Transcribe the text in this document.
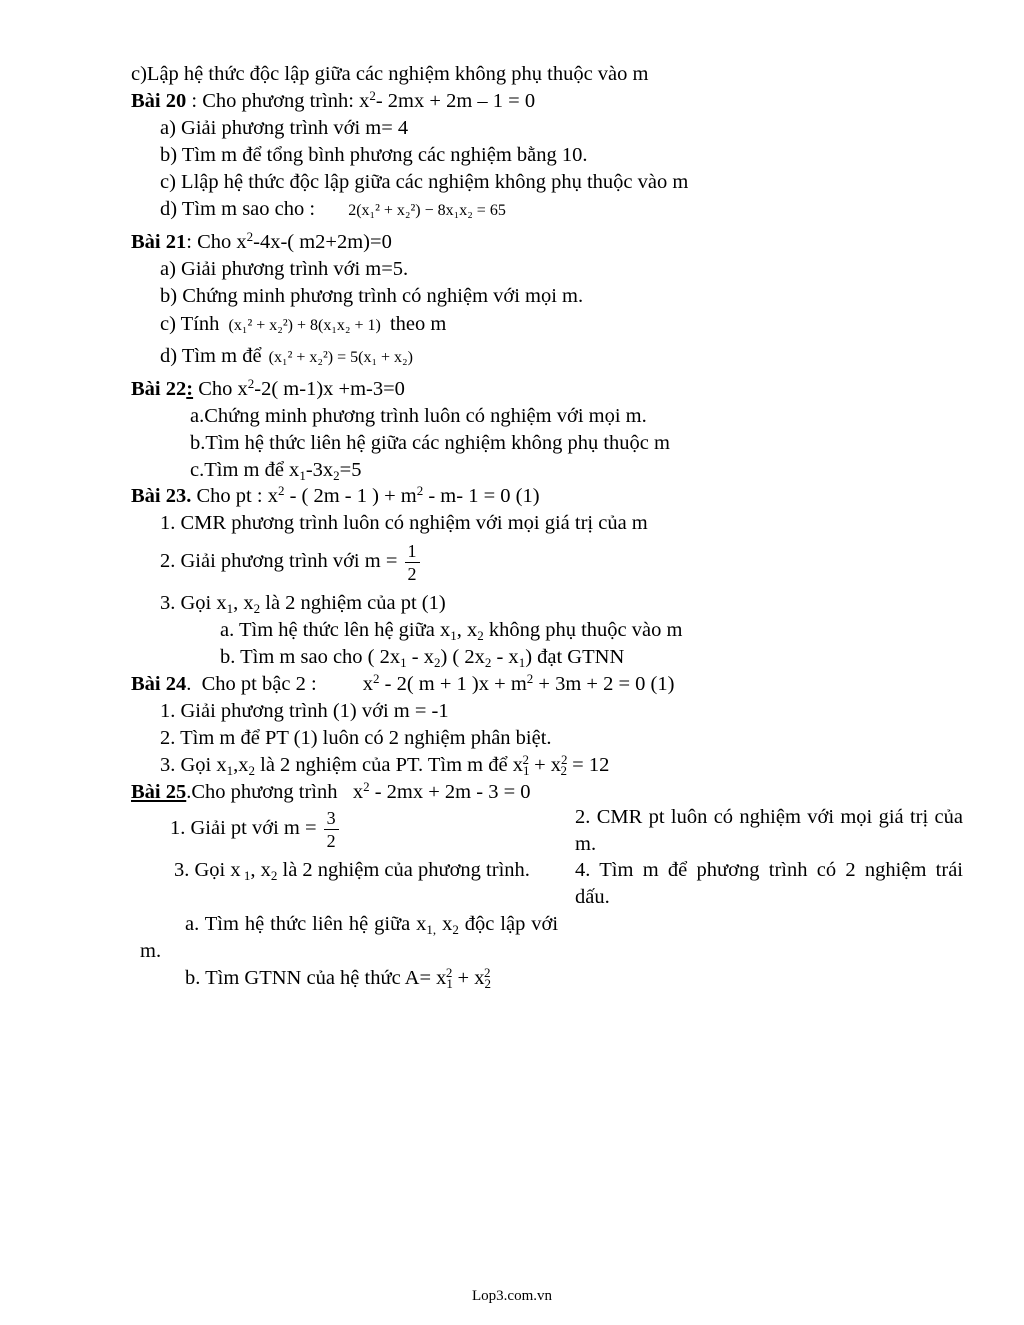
c)Lập hệ thức độc lập giữa các nghiệm không phụ thuộc vào m
Bài 20 : Cho phương trình: $x^2-$ 2mx + 2m – 1 = 0
a) Giải phương trình với m= 4
b) Tìm m để tổng bình phương các nghiệm bằng 10.
c) Llập hệ thức độc lập giữa các nghiệm không phụ thuộc vào m
d) Tìm m sao cho : 2(x₁² + x₂²) − 8x₁x₂ = 65
Bài 21: Cho $x^2-4x-$( m2+2m)=0
a) Giải phương trình với m=5.
b) Chứng minh phương trình có nghiệm với mọi m.
c) Tính (x₁² + x₂²) + 8(x₁x₂ + 1) theo m
d) Tìm m để (x₁² + x₂²) = 5(x₁ + x₂)
Bài 22: Cho $x^2-2$( m-1)x +m-3=0
a.Chứng minh phương trình luôn có nghiệm với mọi m.
b.Tìm hệ thức liên hệ giữa các nghiệm không phụ thuộc m
c.Tìm m để $x_1-3x_2=5$
Bài 23. Cho pt : $x^2$ - ( 2m - 1 ) + $m^2 - m-$ 1 = 0 (1)
1. CMR phương trình luôn có nghiệm với mọi giá trị của m
2. Giải phương trình với $m = \frac{1}{2}$
3. Gọi $x_1$, $x_2$ là 2 nghiệm của pt (1)
a. Tìm hệ thức lên hệ giữa $x_1$, $x_2$ không phụ thuộc vào m
b. Tìm m sao cho ( $2x_1 - x_2$) ( $2x_2 - x_1$) đạt GTNN
Bài 24.  Cho pt bậc 2 :         $x^2 - 2$( m + 1 )$x + m^2 + 3m + 2 = 0$ (1)
1. Giải phương trình (1) với m = -1
2. Tìm m để PT (1) luôn có 2 nghiệm phân biệt.
3. Gọi $x_1,x_2$ là 2 nghiệm của PT. Tìm m để $x_1^2 + x^2_2 = 12$
Bài 25.Cho phương trình   $x^2 - 2mx + 2m - 3 = 0$
1. Giải pt với $m = \frac{3}{2}$
3. Gọi x $_1$, $x_2$ là 2 nghiệm của phương trình.
a. Tìm hệ thức liên hệ giữa $x_{1,}$ $x_2$ độc lập với m.
b. Tìm GTNN của hệ thức $A= x_1^2 + x_2^2$
2. CMR pt luôn có nghiệm với mọi giá trị của m.
4. Tìm m để phương trình có 2 nghiệm trái dấu.
Lop3.com.vn
